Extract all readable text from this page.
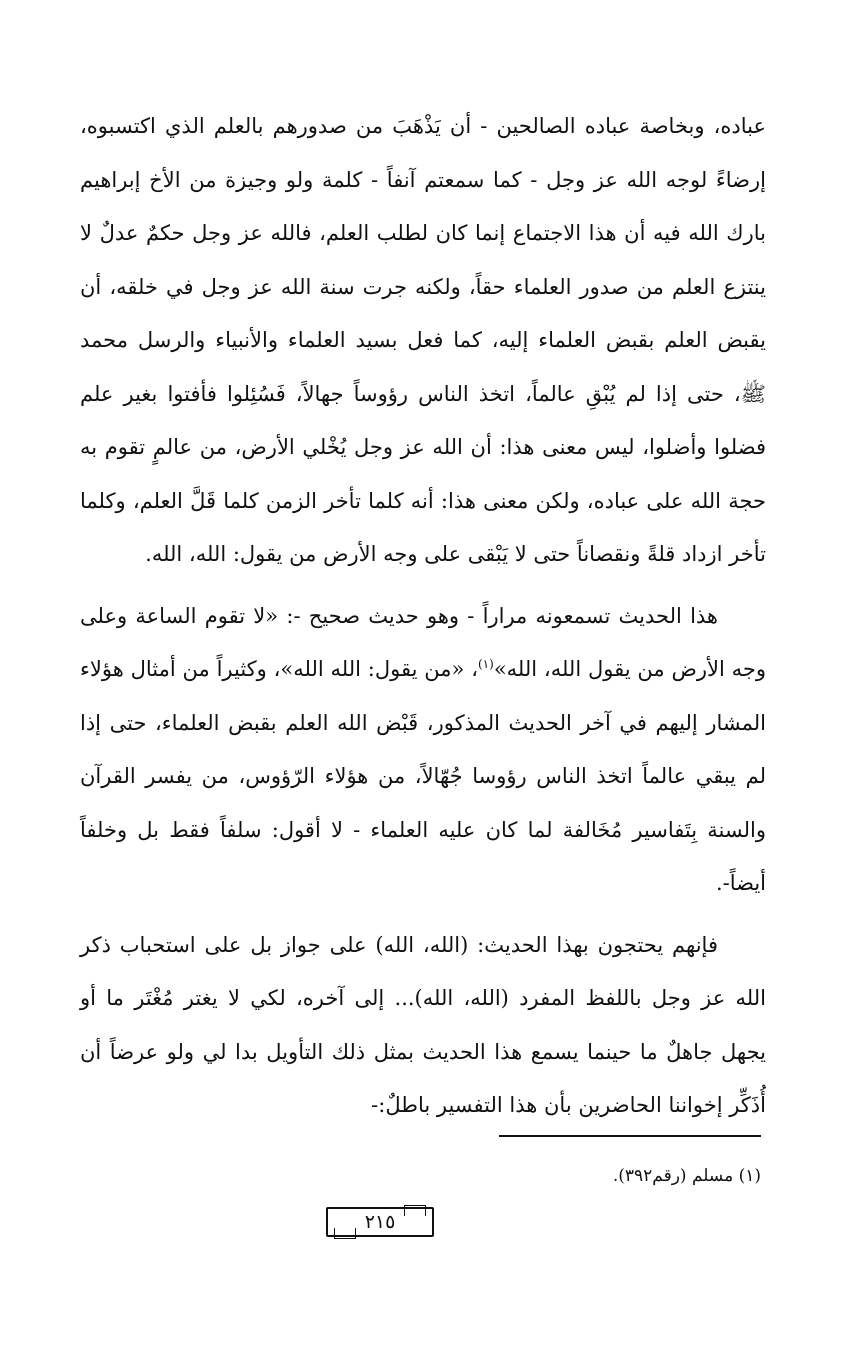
عباده، وبخاصة عباده الصالحين - أن يَذْهَبَ من صدورهم بالعلم الذي اكتسبوه، إرضاءً لوجه الله عز وجل - كما سمعتم آنفاً - كلمة ولو وجيزة من الأخ إبراهيم بارك الله فيه أن هذا الاجتماع إنما كان لطلب العلم، فالله عز وجل حكمٌ عدلٌ لا ينتزع العلم من صدور العلماء حقاً، ولكنه جرت سنة الله عز وجل في خلقه، أن يقبض العلم بقبض العلماء إليه، كما فعل بسيد العلماء والأنبياء والرسل محمد ﷺ، حتى إذا لم يُبْقِ عالماً، اتخذ الناس رؤوساً جهالاً، فَسُئِلوا فأفتوا بغير علم فضلوا وأضلوا، ليس معنى هذا: أن الله عز وجل يُخْلي الأرض، من عالمٍ تقوم به حجة الله على عباده، ولكن معنى هذا: أنه كلما تأخر الزمن كلما قَلَّ العلم، وكلما تأخر ازداد قلةً ونقصاناً حتى لا يَبْقى على وجه الأرض من يقول: الله، الله.

هذا الحديث تسمعونه مراراً - وهو حديث صحيح -: «لا تقوم الساعة وعلى وجه الأرض من يقول الله، الله»$^{(١)}$، «من يقول: الله الله»، وكثيراً من أمثال هؤلاء المشار إليهم في آخر الحديث المذكور، قَبْض الله العلم بقبض العلماء، حتى إذا لم يبقي عالماً اتخذ الناس رؤوسا جُهّالاً، من هؤلاء الرّؤوس، من يفسر القرآن والسنة بِتَفاسير مُخَالفة لما كان عليه العلماء - لا أقول: سلفاً فقط بل وخلفاً أيضاً-.

فإنهم يحتجون بهذا الحديث: (الله، الله) على جواز بل على استحباب ذكر الله عز وجل باللفظ المفرد (الله، الله)... إلى آخره، لكي لا يغتر مُغْتَر ما أو يجهل جاهلٌ ما حينما يسمع هذا الحديث بمثل ذلك التأويل بدا لي ولو عرضاً أن أُذَكِّر إخواننا الحاضرين بأن هذا التفسير باطلٌ:-

(١) مسلم (رقم٣٩٢).
٢١٥
